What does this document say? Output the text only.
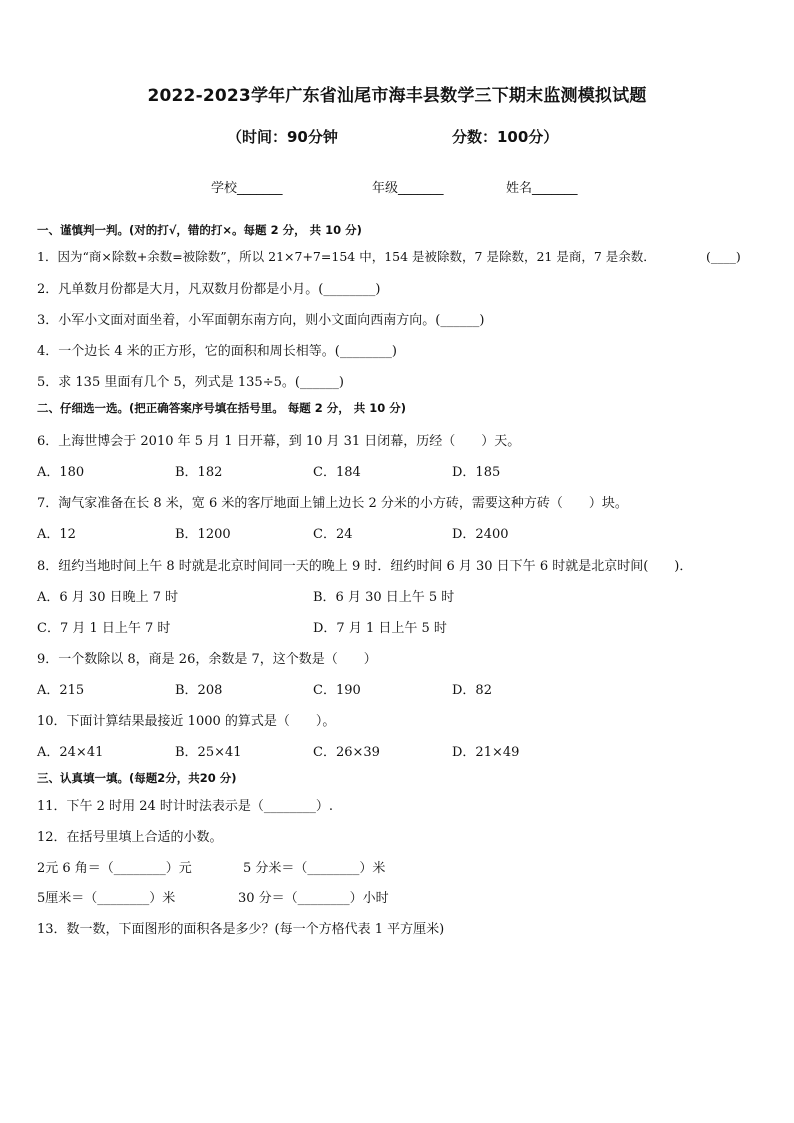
2022-2023学年广东省汕尾市海丰县数学三下期末监测模拟试题
（时间：90分钟	分数：100分）
学校_______	年级_______	姓名_______
一、谨慎判一判。(对的打√，错的打×。每题 2 分， 共 10 分)
1．因为“商×除数+余数=被除数”，所以 21×7+7=154 中，154 是被除数，7 是除数，21 是商，7 是余数．	(____)
2．凡单数月份都是大月，凡双数月份都是小月。(________)
3．小军小文面对面坐着，小军面朝东南方向，则小文面向西南方向。(______)
4．一个边长 4 米的正方形，它的面积和周长相等。(________)
5．求 135 里面有几个 5，列式是 135÷5。(______)
二、仔细选一选。(把正确答案序号填在括号里。 每题 2 分， 共 10 分)
6．上海世博会于 2010 年 5 月 1 日开幕，到 10 月 31 日闭幕，历经（　　）天。
A．180	B．182	C．184	D．185
7．淘气家准备在长 8 米，宽 6 米的客厅地面上铺上边长 2 分米的小方砖，需要这种方砖（　　）块。
A．12	B．1200	C．24	D．2400
8．纽约当地时间上午 8 时就是北京时间同一天的晚上 9 时．纽约时间 6 月 30 日下午 6 时就是北京时间(　　)．
A．6 月 30 日晚上 7 时	B．6 月 30 日上午 5 时
C．7 月 1 日上午 7 时	D．7 月 1 日上午 5 时
9．一个数除以 8，商是 26，余数是 7，这个数是（　　）
A．215	B．208	C．190	D．82
10．下面计算结果最接近 1000 的算式是（　　）。
A．24×41	B．25×41	C．26×39	D．21×49
三、认真填一填。(每题2分，共20 分)
11．下午 2 时用 24 时计时法表示是（________）.
12．在括号里填上合适的小数。
2元 6 角＝（________）元	5 分米＝（________）米
5厘米＝（________）米	30 分＝（________）小时
13．数一数，下面图形的面积各是多少？(每一个方格代表 1 平方厘米)
